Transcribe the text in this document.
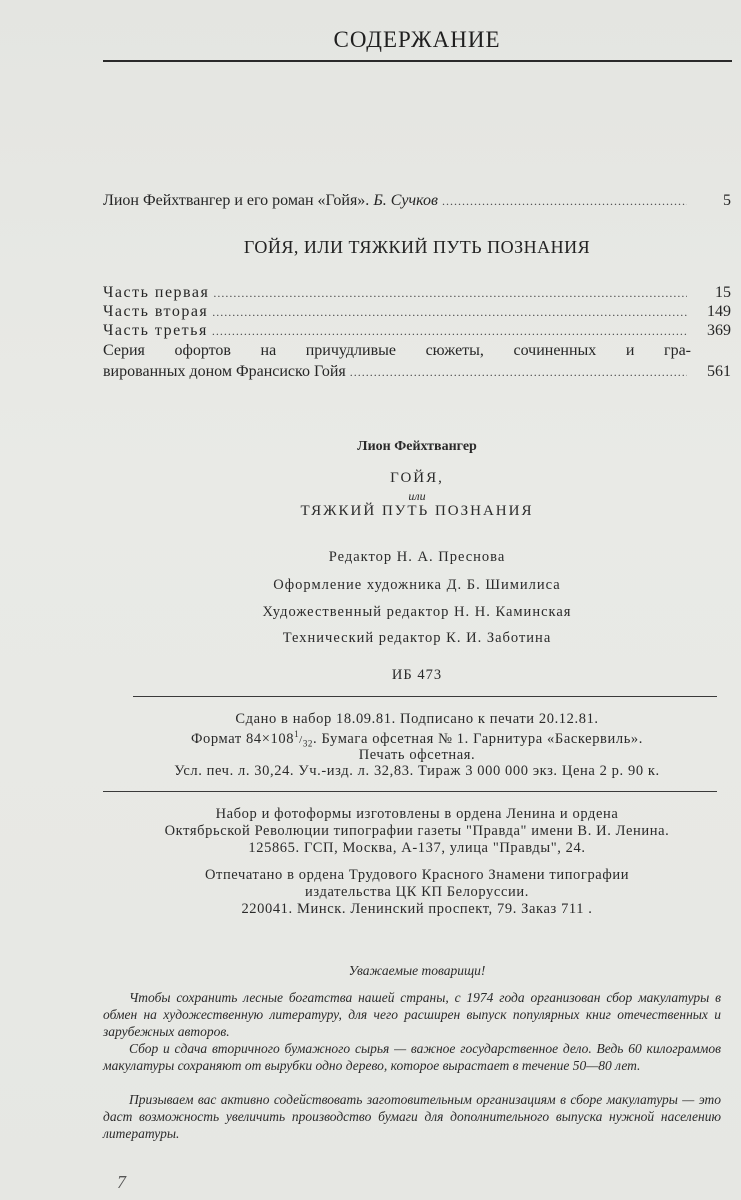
СОДЕРЖАНИЕ
Лион Фейхтвангер и его роман «Гойя». Б. Сучков .....	5
ГОЙЯ, ИЛИ ТЯЖКИЙ ПУТЬ ПОЗНАНИЯ
Часть первая .....	15
Часть вторая .....	149
Часть третья .....	369
Серия офортов на причудливые сюжеты, сочиненных и гра-
вированных доном Франсиско Гойя .....	561
Лион Фейхтвангер
ГОЙЯ,
или
ТЯЖКИЙ ПУТЬ ПОЗНАНИЯ
Редактор Н. А. Преснова
Оформление художника Д. Б. Шимилиса
Художественный редактор Н. Н. Каминская
Технический редактор К. И. Заботина
ИБ 473
Сдано в набор 18.09.81. Подписано к печати 20.12.81.
Формат $84\times 108^1/_{32}$. Бумага офсетная № 1. Гарнитура «Баскервиль».
Печать офсетная.
Усл. печ. л. 30,24. Уч.-изд. л. 32,83. Тираж 3 000 000 экз. Цена 2 р. 90 к.
Набор и фотоформы изготовлены в ордена Ленина и ордена
Октябрьской Революции типографии газеты "Правда" имени В. И. Ленина.
125865. ГСП, Москва, А-137, улица "Правды", 24.
Отпечатано в ордена Трудового Красного Знамени типографии
издательства ЦК КП Белоруссии.
220041. Минск. Ленинский проспект, 79. Заказ 711 .
Уважаемые товарищи!
Чтобы сохранить лесные богатства нашей страны, с 1974 года организован сбор макулатуры в обмен на художественную литературу, для чего расширен выпуск популярных книг отечественных и зарубежных авторов.
Сбор и сдача вторичного бумажного сырья — важное государственное дело. Ведь 60 килограммов макулатуры сохраняют от вырубки одно дерево, которое вырастает в течение 50—80 лет.
Призываем вас активно содействовать заготовительным организациям в сборе макулатуры — это даст возможность увеличить производство бумаги для дополнительного выпуска нужной населению литературы.
7
